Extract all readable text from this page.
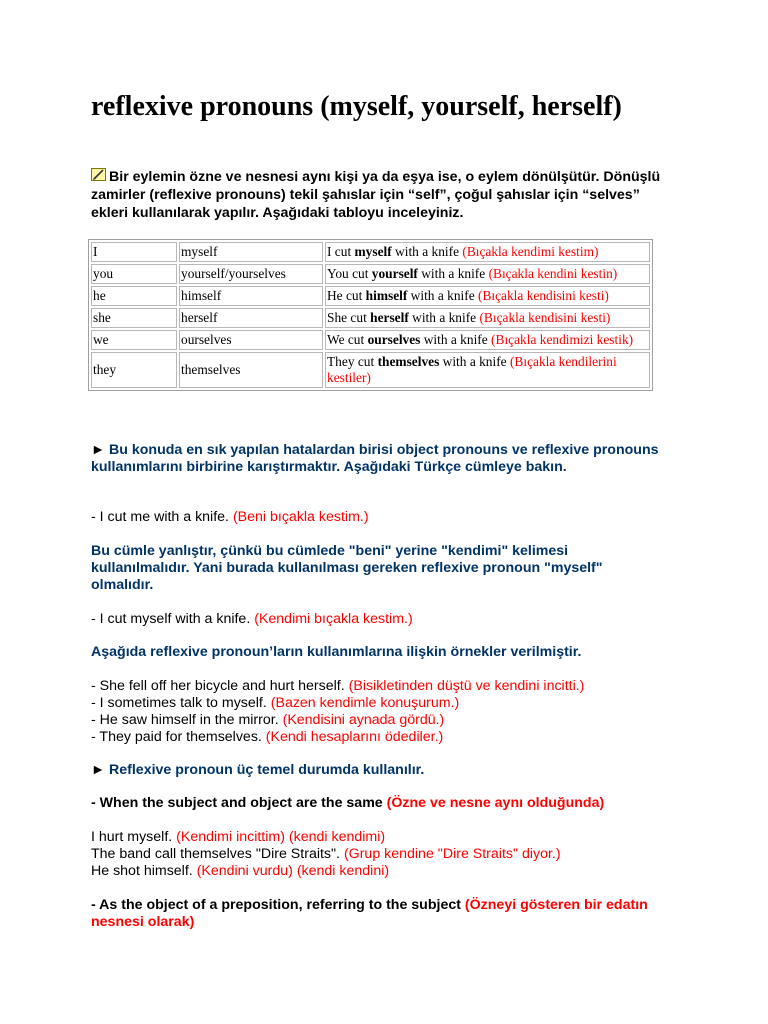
reflexive pronouns (myself, yourself, herself)
Bir eylemin özne ve nesnesi aynı kişi ya da eşya ise, o eylem dönülşütür. Dönüşlü zamirler (reflexive pronouns) tekil şahıslar için “self”, çoğul şahıslar için “selves” ekleri kullanılarak yapılır. Aşağıdaki tabloyu inceleyiniz.
I	myself	I cut myself with a knife (Bıçakla kendimi kestim)
you	yourself/yourselves	You cut yourself with a knife (Bıçakla kendini kestin)
he	himself	He cut himself with a knife (Bıçakla kendisini kesti)
she	herself	She cut herself with a knife (Bıçakla kendisini kesti)
we	ourselves	We cut ourselves with a knife (Bıçakla kendimizi kestik)
they	themselves	They cut themselves with a knife (Bıçakla kendilerini kestiler)
► Bu konuda en sık yapılan hatalardan birisi object pronouns ve reflexive pronouns kullanımlarını birbirine karıştırmaktır. Aşağıdaki Türkçe cümleye bakın.
- I cut me with a knife. (Beni bıçakla kestim.)
Bu cümle yanlıştır, çünkü bu cümlede "beni" yerine "kendimi" kelimesi kullanılmalıdır. Yani burada kullanılması gereken reflexive pronoun "myself" olmalıdır.
- I cut myself with a knife. (Kendimi bıçakla kestim.)
Aşağıda reflexive pronoun’ların kullanımlarına ilişkin örnekler verilmiştir.
- She fell off her bicycle and hurt herself. (Bisikletinden düştü ve kendini incitti.)
- I sometimes talk to myself. (Bazen kendimle konuşurum.)
- He saw himself in the mirror. (Kendisini aynada gördü.)
- They paid for themselves. (Kendi hesaplarını ödediler.)
► Reflexive pronoun üç temel durumda kullanılır.
- When the subject and object are the same (Özne ve nesne aynı olduğunda)
I hurt myself. (Kendimi incittim) (kendi kendimi)
The band call themselves "Dire Straits". (Grup kendine "Dire Straits" diyor.)
He shot himself. (Kendini vurdu) (kendi kendini)
- As the object of a preposition, referring to the subject (Özneyi gösteren bir edatın nesnesi olarak)
